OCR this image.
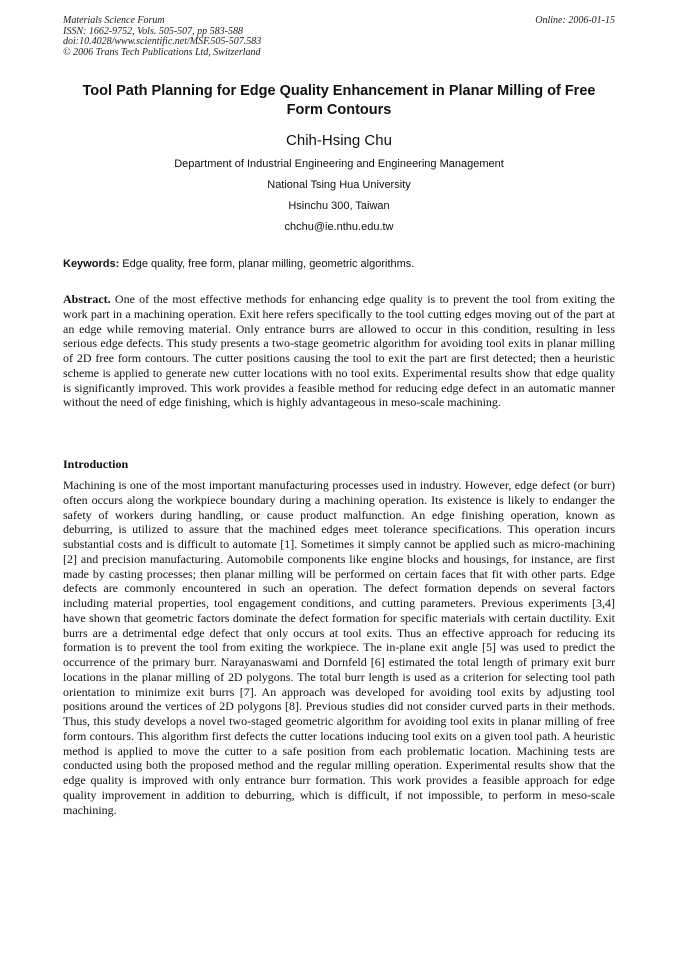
Materials Science Forum
ISSN: 1662-9752, Vols. 505-507, pp 583-588
doi:10.4028/www.scientific.net/MSF.505-507.583
© 2006 Trans Tech Publications Ltd, Switzerland
Online: 2006-01-15
Tool Path Planning for Edge Quality Enhancement in Planar Milling of Free Form Contours
Chih-Hsing Chu
Department of Industrial Engineering and Engineering Management
National Tsing Hua University
Hsinchu 300, Taiwan
chchu@ie.nthu.edu.tw
Keywords: Edge quality, free form, planar milling, geometric algorithms.
Abstract. One of the most effective methods for enhancing edge quality is to prevent the tool from exiting the work part in a machining operation. Exit here refers specifically to the tool cutting edges moving out of the part at an edge while removing material. Only entrance burrs are allowed to occur in this condition, resulting in less serious edge defects. This study presents a two-stage geometric algorithm for avoiding tool exits in planar milling of 2D free form contours. The cutter positions causing the tool to exit the part are first detected; then a heuristic scheme is applied to generate new cutter locations with no tool exits. Experimental results show that edge quality is significantly improved. This work provides a feasible method for reducing edge defect in an automatic manner without the need of edge finishing, which is highly advantageous in meso-scale machining.
Introduction
Machining is one of the most important manufacturing processes used in industry. However, edge defect (or burr) often occurs along the workpiece boundary during a machining operation. Its existence is likely to endanger the safety of workers during handling, or cause product malfunction. An edge finishing operation, known as deburring, is utilized to assure that the machined edges meet tolerance specifications. This operation incurs substantial costs and is difficult to automate [1]. Sometimes it simply cannot be applied such as micro-machining [2] and precision manufacturing. Automobile components like engine blocks and housings, for instance, are first made by casting processes; then planar milling will be performed on certain faces that fit with other parts. Edge defects are commonly encountered in such an operation. The defect formation depends on several factors including material properties, tool engagement conditions, and cutting parameters. Previous experiments [3,4] have shown that geometric factors dominate the defect formation for specific materials with certain ductility. Exit burrs are a detrimental edge defect that only occurs at tool exits. Thus an effective approach for reducing its formation is to prevent the tool from exiting the workpiece. The in-plane exit angle [5] was used to predict the occurrence of the primary burr. Narayanaswami and Dornfeld [6] estimated the total length of primary exit burr locations in the planar milling of 2D polygons. The total burr length is used as a criterion for selecting tool path orientation to minimize exit burrs [7]. An approach was developed for avoiding tool exits by adjusting tool positions around the vertices of 2D polygons [8]. Previous studies did not consider curved parts in their methods. Thus, this study develops a novel two-staged geometric algorithm for avoiding tool exits in planar milling of free form contours. This algorithm first defects the cutter locations inducing tool exits on a given tool path. A heuristic method is applied to move the cutter to a safe position from each problematic location. Machining tests are conducted using both the proposed method and the regular milling operation. Experimental results show that the edge quality is improved with only entrance burr formation. This work provides a feasible approach for edge quality improvement in addition to deburring, which is difficult, if not impossible, to perform in meso-scale machining.
